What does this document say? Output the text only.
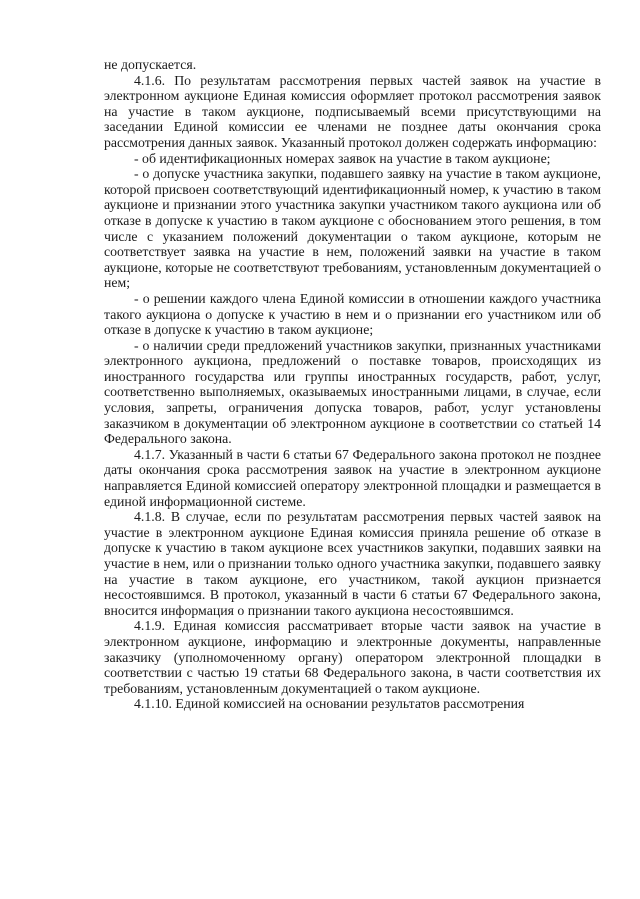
не допускается.

4.1.6. По результатам рассмотрения первых частей заявок на участие в электронном аукционе Единая комиссия оформляет протокол рассмотрения заявок на участие в таком аукционе, подписываемый всеми присутствующими на заседании Единой комиссии ее членами не позднее даты окончания срока рассмотрения данных заявок. Указанный протокол должен содержать информацию:

- об идентификационных номерах заявок на участие в таком аукционе;

- о допуске участника закупки, подавшего заявку на участие в таком аукционе, которой присвоен соответствующий идентификационный номер, к участию в таком аукционе и признании этого участника закупки участником такого аукциона или об отказе в допуске к участию в таком аукционе с обоснованием этого решения, в том числе с указанием положений документации о таком аукционе, которым не соответствует заявка на участие в нем, положений заявки на участие в таком аукционе, которые не соответствуют требованиям, установленным документацией о нем;

- о решении каждого члена Единой комиссии в отношении каждого участника такого аукциона о допуске к участию в нем и о признании его участником или об отказе в допуске к участию в таком аукционе;

- о наличии среди предложений участников закупки, признанных участниками электронного аукциона, предложений о поставке товаров, происходящих из иностранного государства или группы иностранных государств, работ, услуг, соответственно выполняемых, оказываемых иностранными лицами, в случае, если условия, запреты, ограничения допуска товаров, работ, услуг установлены заказчиком в документации об электронном аукционе в соответствии со статьей 14 Федерального закона.

4.1.7. Указанный в части 6 статьи 67 Федерального закона протокол не позднее даты окончания срока рассмотрения заявок на участие в электронном аукционе направляется Единой комиссией оператору электронной площадки и размещается в единой информационной системе.

4.1.8. В случае, если по результатам рассмотрения первых частей заявок на участие в электронном аукционе Единая комиссия приняла решение об отказе в допуске к участию в таком аукционе всех участников закупки, подавших заявки на участие в нем, или о признании только одного участника закупки, подавшего заявку на участие в таком аукционе, его участником, такой аукцион признается несостоявшимся. В протокол, указанный в части 6 статьи 67 Федерального закона, вносится информация о признании такого аукциона несостоявшимся.

4.1.9. Единая комиссия рассматривает вторые части заявок на участие в электронном аукционе, информацию и электронные документы, направленные заказчику (уполномоченному органу) оператором электронной площадки в соответствии с частью 19 статьи 68 Федерального закона, в части соответствия их требованиям, установленным документацией о таком аукционе.

4.1.10. Единой комиссией на основании результатов рассмотрения
